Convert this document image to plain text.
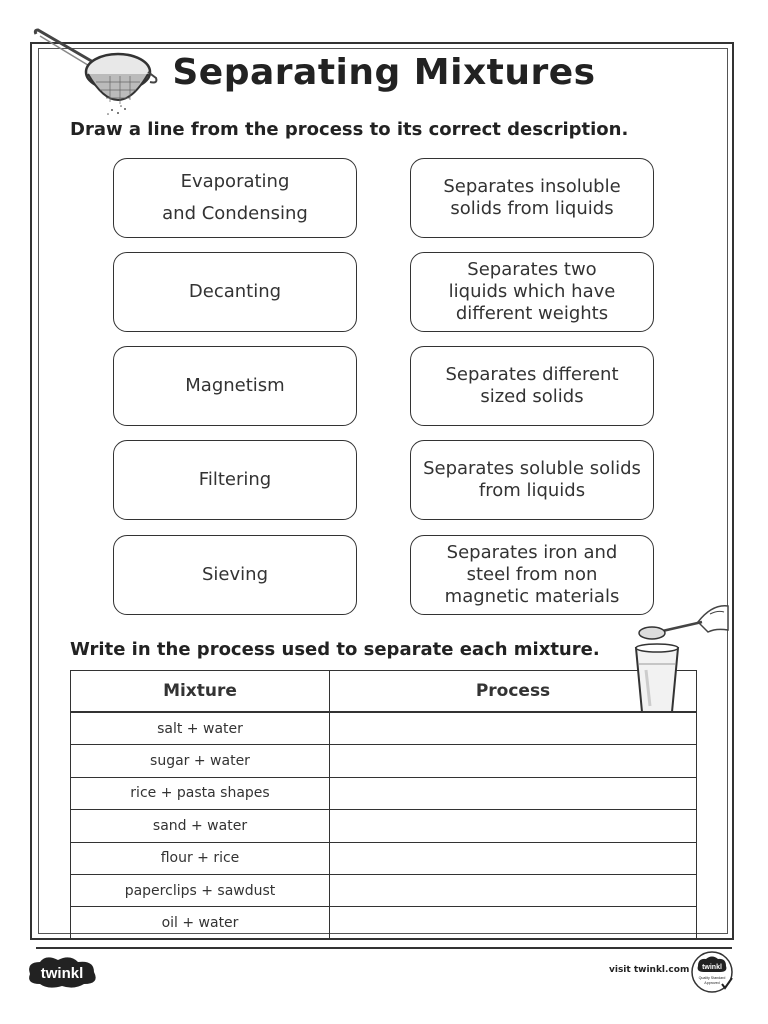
Separating Mixtures
Draw a line from the process to its correct description.
Evaporating
and Condensing
Decanting
Magnetism
Filtering
Sieving
Separates insoluble
solids from liquids
Separates two
liquids which have
different weights
Separates different
sized solids
Separates soluble solids
from liquids
Separates iron and
steel from non
magnetic materials
Write in the process used to separate each mixture.
Mixture	Process
salt + water	
sugar + water	
rice + pasta shapes	
sand + water	
flour + rice	
paperclips + sawdust	
oil + water	
twinkl	visit twinkl.com twinkl
Quality Standard
Approved
